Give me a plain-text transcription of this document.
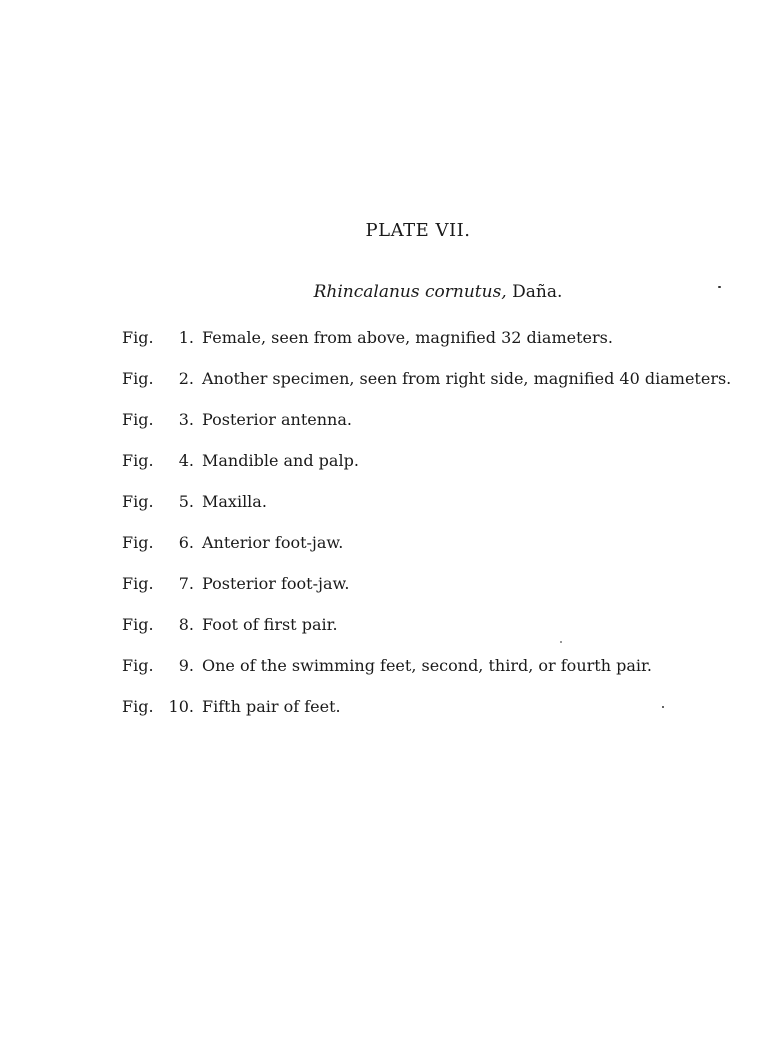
PLATE VII.
Rhincalanus cornutus, Daña.
Fig.	1. Female, seen from above, magnified 32 diameters.
Fig.	2. Another specimen, seen from right side, magnified 40 diameters.
Fig.	3. Posterior antenna.
Fig.	4. Mandible and palp.
Fig.	5. Maxilla.
Fig.	6. Anterior foot-jaw.
Fig.	7. Posterior foot-jaw.
Fig.	8. Foot of first pair.
Fig.	9. One of the swimming feet, second, third, or fourth pair.
Fig. 10. Fifth pair of feet.
